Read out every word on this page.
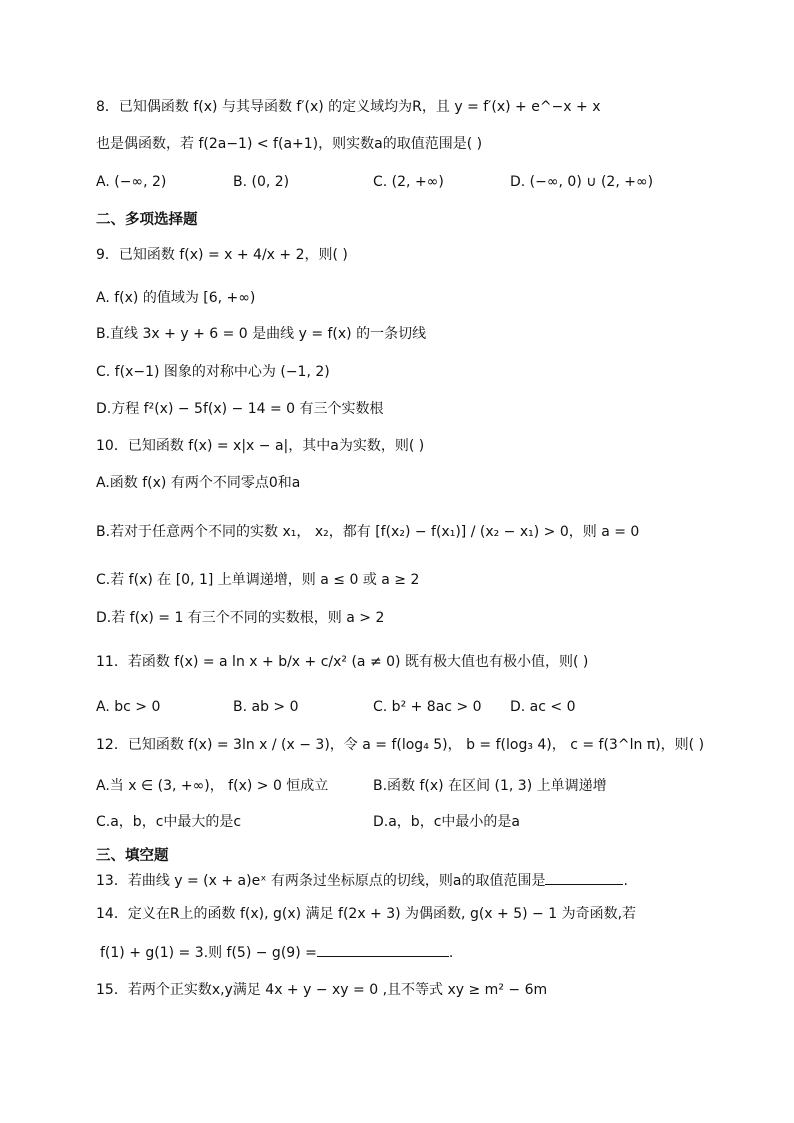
8．已知偶函数 f(x) 与其导函数 f′(x) 的定义域均为R，且 y = f′(x) + e^−x + x
也是偶函数，若 f(2a−1) < f(a+1)，则实数a的取值范围是( )
A. (−∞, 2)	B. (0, 2)	C. (2, +∞)	D. (−∞, 0) ∪ (2, +∞)
二、多项选择题
9．已知函数 f(x) = x + 4/x + 2，则( )
A. f(x) 的值域为 [6, +∞)
B.直线 3x + y + 6 = 0 是曲线 y = f(x) 的一条切线
C. f(x−1) 图象的对称中心为 (−1, 2)
D.方程 f²(x) − 5f(x) − 14 = 0 有三个实数根
10．已知函数 f(x) = x|x − a|，其中a为实数，则( )
A.函数 f(x) 有两个不同零点0和a
B.若对于任意两个不同的实数 x₁， x₂，都有 [f(x₂) − f(x₁)] / (x₂ − x₁) > 0，则 a = 0
C.若 f(x) 在 [0, 1] 上单调递增，则 a ≤ 0 或 a ≥ 2
D.若 f(x) = 1 有三个不同的实数根，则 a > 2
11．若函数 f(x) = a ln x + b/x + c/x² (a ≠ 0) 既有极大值也有极小值，则( )
A. bc > 0	B. ab > 0	C. b² + 8ac > 0 D. ac < 0
12．已知函数 f(x) = 3ln x / (x − 3)，令 a = f(log₄ 5)， b = f(log₃ 4)， c = f(3^ln π)，则( )
A.当 x ∈ (3, +∞)， f(x) > 0 恒成立	B.函数 f(x) 在区间 (1, 3) 上单调递增
C.a，b，c中最大的是c	D.a，b，c中最小的是a
三、填空题
13．若曲线 y = (x + a)eˣ 有两条过坐标原点的切线，则a的取值范围是	.
14．定义在R上的函数 f(x), g(x) 满足 f(2x + 3) 为偶函数, g(x + 5) − 1 为奇函数,若
f(1) + g(1) = 3.则 f(5) − g(9) =	.
15．若两个正实数x,y满足 4x + y − xy = 0 ,且不等式 xy ≥ m² − 6m
